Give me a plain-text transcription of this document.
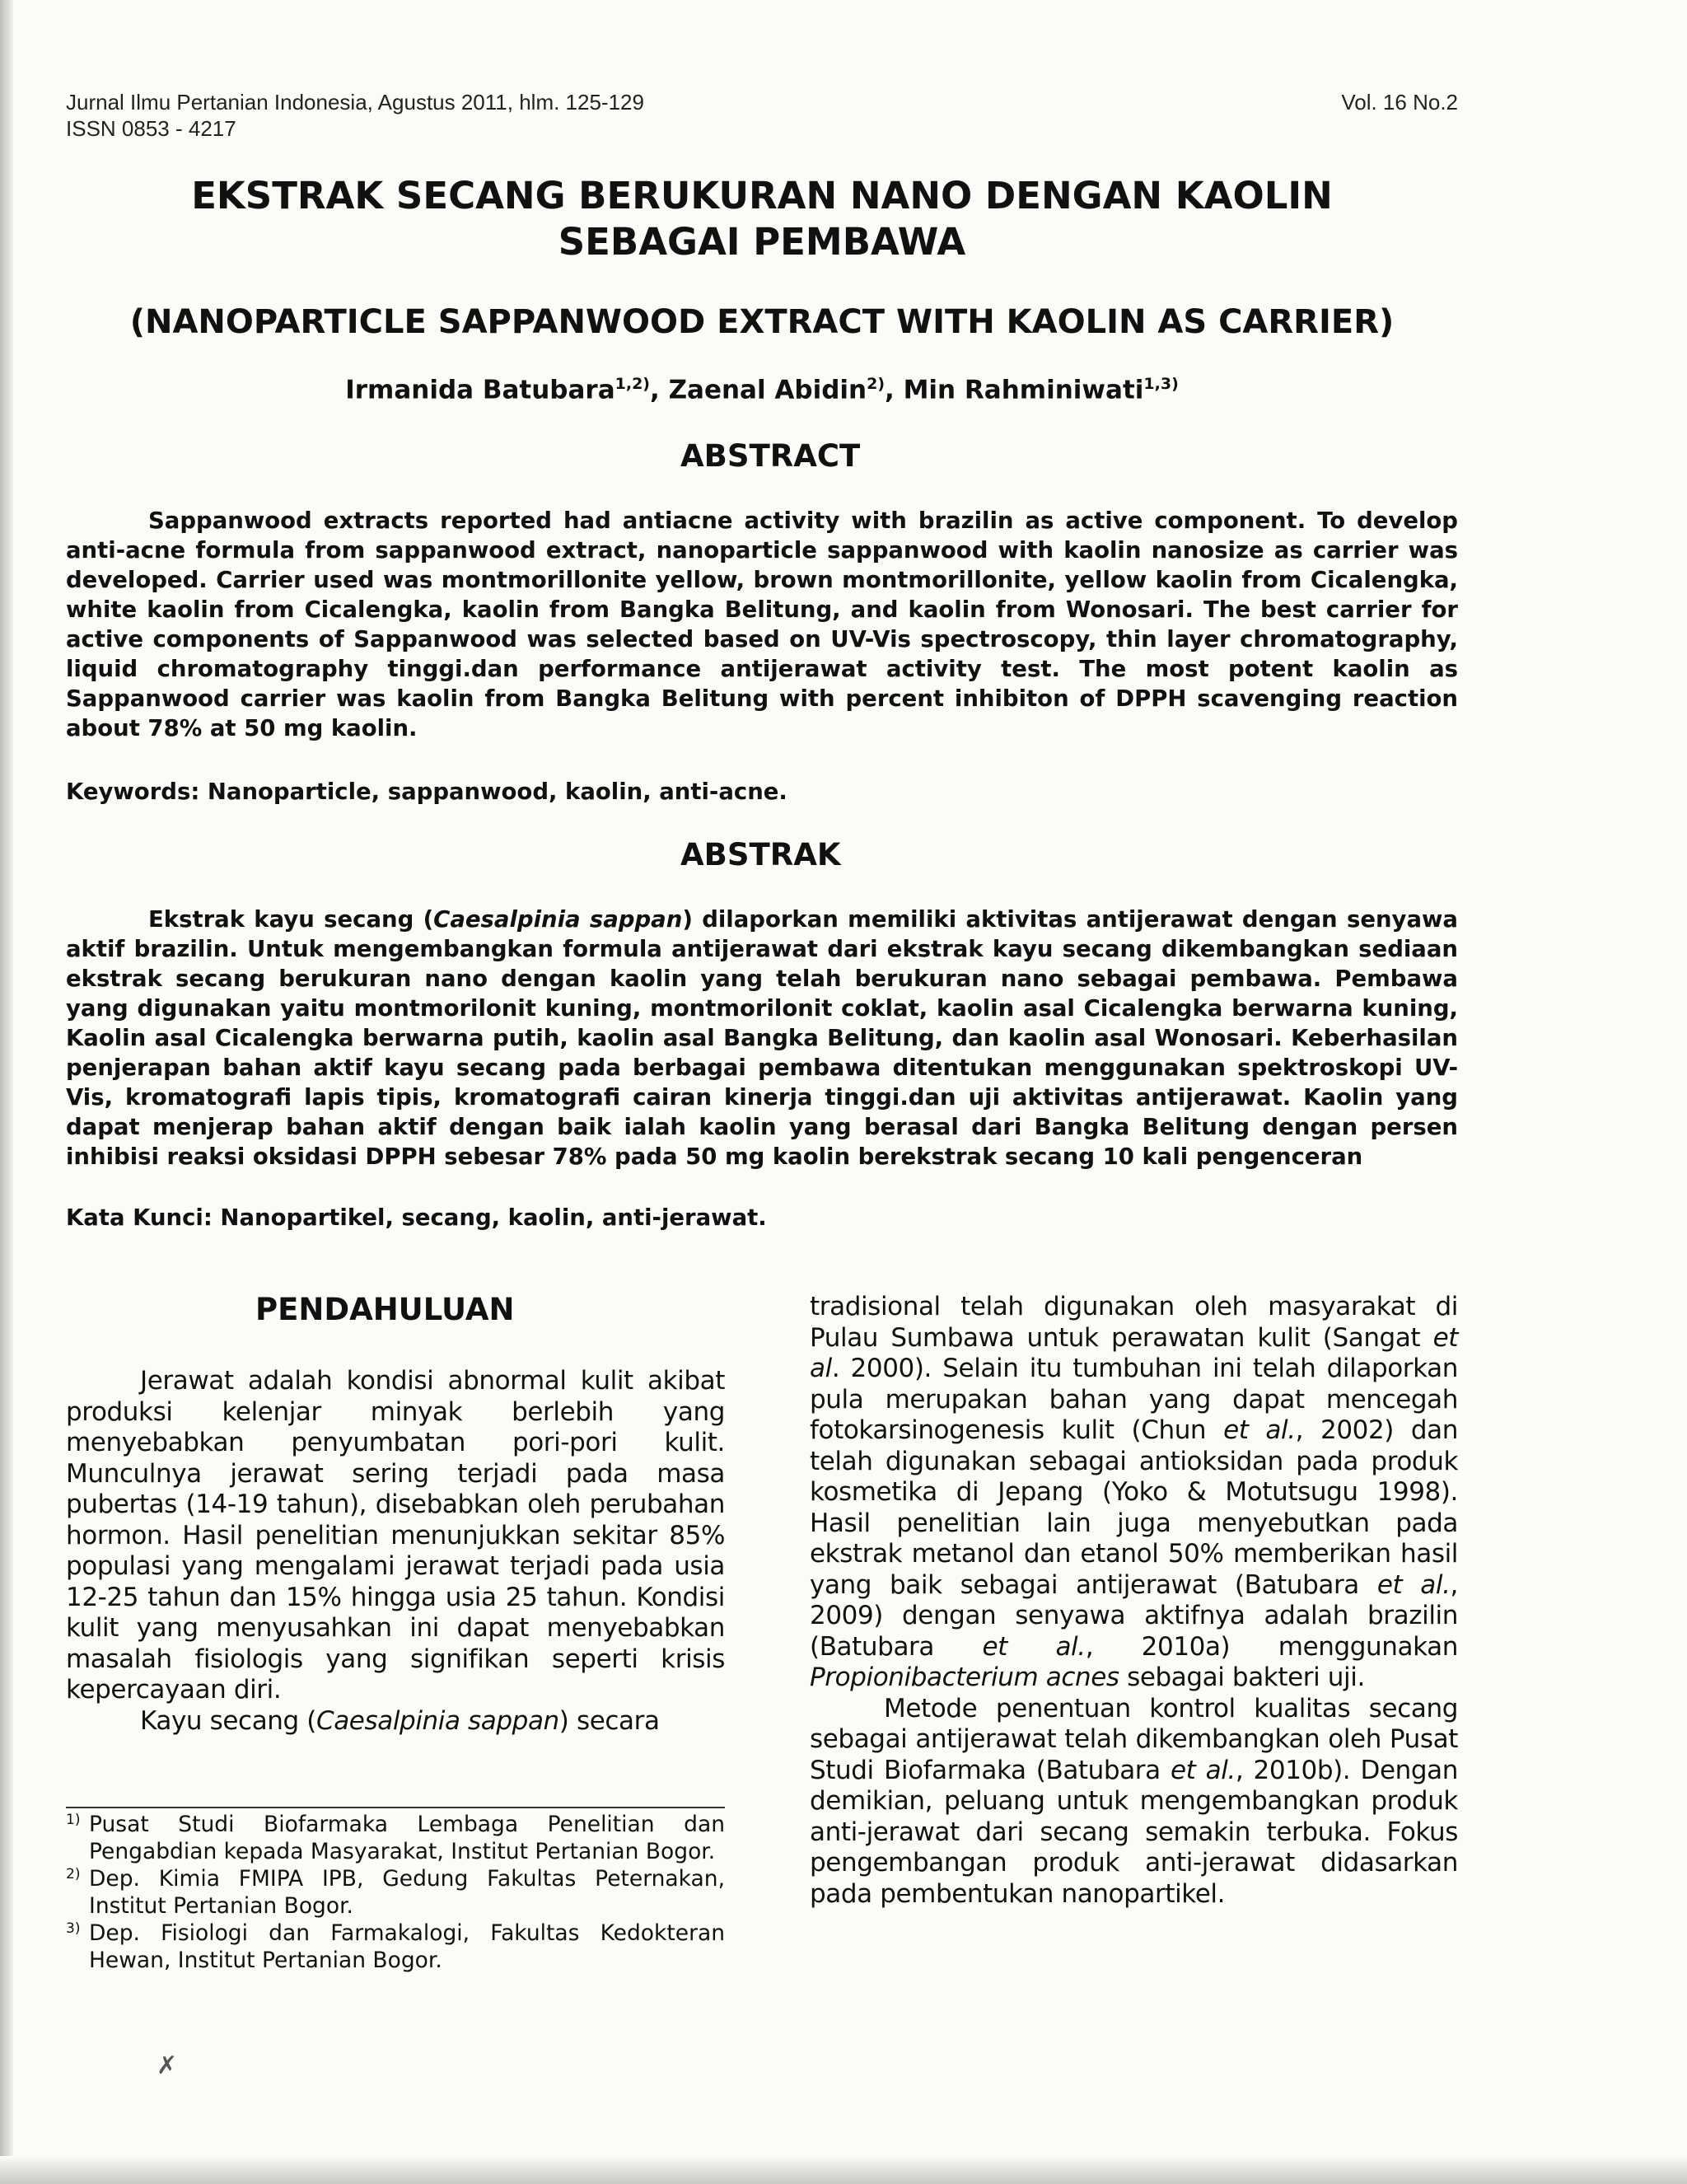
Jurnal Ilmu Pertanian Indonesia, Agustus 2011, hlm. 125-129
ISSN 0853 - 4217
Vol. 16 No.2
EKSTRAK SECANG BERUKURAN NANO DENGAN KAOLIN
SEBAGAI PEMBAWA
(NANOPARTICLE SAPPANWOOD EXTRACT WITH KAOLIN AS CARRIER)
Irmanida Batubara$^{1,2)}$, Zaenal Abidin$^{2)}$, Min Rahminiwati$^{1,3)}$
ABSTRACT

Sappanwood extracts reported had antiacne activity with brazilin as active component. To develop anti-acne formula from sappanwood extract, nanoparticle sappanwood with kaolin nanosize as carrier was developed. Carrier used was montmorillonite yellow, brown montmorillonite, yellow kaolin from Cicalengka, white kaolin from Cicalengka, kaolin from Bangka Belitung, and kaolin from Wonosari. The best carrier for active components of Sappanwood was selected based on UV-Vis spectroscopy, thin layer chromatography, liquid chromatography tinggi.dan performance antijerawat activity test. The most potent kaolin as Sappanwood carrier was kaolin from Bangka Belitung with percent inhibiton of DPPH scavenging reaction about 78% at 50 mg kaolin.

Keywords: Nanoparticle, sappanwood, kaolin, anti-acne.
ABSTRAK

Ekstrak kayu secang (Caesalpinia sappan) dilaporkan memiliki aktivitas antijerawat dengan senyawa aktif brazilin. Untuk mengembangkan formula antijerawat dari ekstrak kayu secang dikembangkan sediaan ekstrak secang berukuran nano dengan kaolin yang telah berukuran nano sebagai pembawa. Pembawa yang digunakan yaitu montmorilonit kuning, montmorilonit coklat, kaolin asal Cicalengka berwarna kuning, Kaolin asal Cicalengka berwarna putih, kaolin asal Bangka Belitung, dan kaolin asal Wonosari. Keberhasilan penjerapan bahan aktif kayu secang pada berbagai pembawa ditentukan menggunakan spektroskopi UV-Vis, kromatografi lapis tipis, kromatografi cairan kinerja tinggi.dan uji aktivitas antijerawat. Kaolin yang dapat menjerap bahan aktif dengan baik ialah kaolin yang berasal dari Bangka Belitung dengan persen inhibisi reaksi oksidasi DPPH sebesar 78% pada 50 mg kaolin berekstrak secang 10 kali pengenceran

Kata Kunci: Nanopartikel, secang, kaolin, anti-jerawat.
PENDAHULUAN

Jerawat adalah kondisi abnormal kulit akibat produksi kelenjar minyak berlebih yang menyebabkan penyumbatan pori-pori kulit. Munculnya jerawat sering terjadi pada masa pubertas (14-19 tahun), disebabkan oleh perubahan hormon. Hasil penelitian menunjukkan sekitar 85% populasi yang mengalami jerawat terjadi pada usia 12-25 tahun dan 15% hingga usia 25 tahun. Kondisi kulit yang menyusahkan ini dapat menyebabkan masalah fisiologis yang signifikan seperti krisis kepercayaan diri.

Kayu secang (Caesalpinia sappan) secara

1) Pusat Studi Biofarmaka Lembaga Penelitian dan Pengabdian kepada Masyarakat, Institut Pertanian Bogor.
2) Dep. Kimia FMIPA IPB, Gedung Fakultas Peternakan, Institut Pertanian Bogor.
3) Dep. Fisiologi dan Farmakalogi, Fakultas Kedokteran Hewan, Institut Pertanian Bogor.

tradisional telah digunakan oleh masyarakat di Pulau Sumbawa untuk perawatan kulit (Sangat et al. 2000). Selain itu tumbuhan ini telah dilaporkan pula merupakan bahan yang dapat mencegah fotokarsinogenesis kulit (Chun et al., 2002) dan telah digunakan sebagai antioksidan pada produk kosmetika di Jepang (Yoko & Motutsugu 1998). Hasil penelitian lain juga menyebutkan pada ekstrak metanol dan etanol 50% memberikan hasil yang baik sebagai antijerawat (Batubara et al., 2009) dengan senyawa aktifnya adalah brazilin (Batubara et al., 2010a) menggunakan Propionibacterium acnes sebagai bakteri uji.

Metode penentuan kontrol kualitas secang sebagai antijerawat telah dikembangkan oleh Pusat Studi Biofarmaka (Batubara et al., 2010b). Dengan demikian, peluang untuk mengembangkan produk anti-jerawat dari secang semakin terbuka. Fokus pengembangan produk anti-jerawat didasarkan pada pembentukan nanopartikel.

✗
